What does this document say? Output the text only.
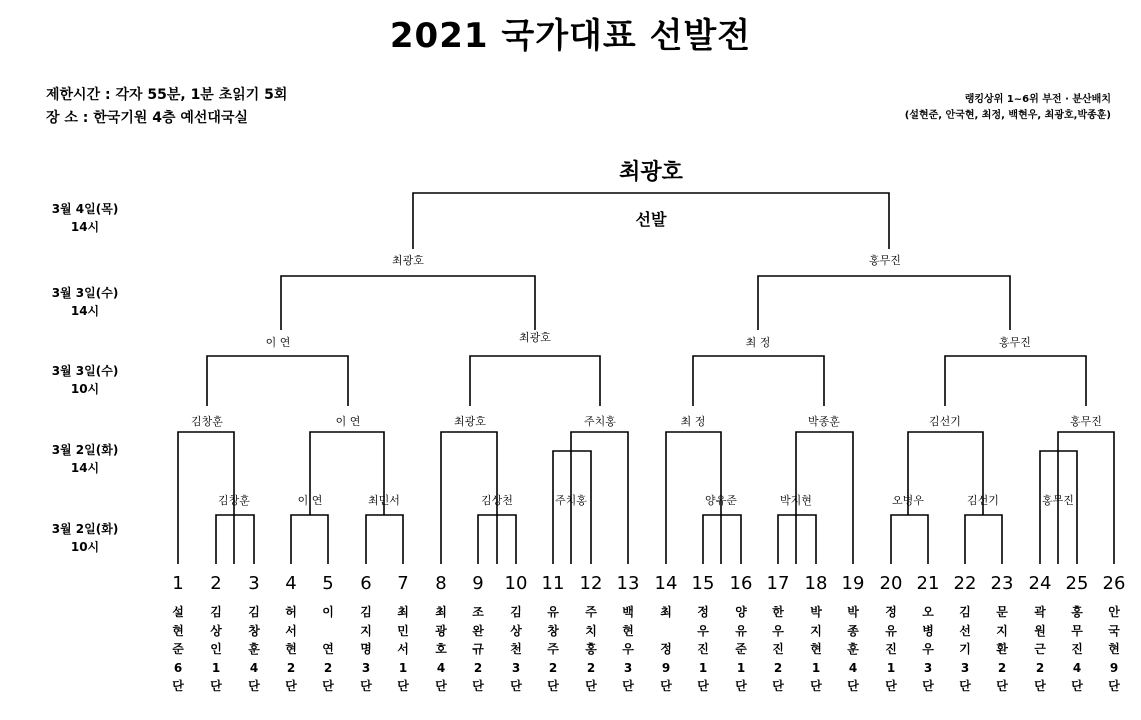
2021 국가대표 선발전
제한시간 : 각자 55분, 1분 초읽기 5회
장 소 : 한국기원 4층 예선대국실
랭킹상위 1~6위 부전 · 분산배치
(설현준, 안국현, 최정, 백현우, 최광호,박종훈)
3월 4일(목)
14시
3월 3일(수)
14시
3월 3일(수)
10시
3월 2일(화)
14시
3월 2일(화)
10시
최광호
선발
최광호	홍무진
이 연	최광호	최 정	홍무진
김창훈	이 연	최광호	주치홍	최 정	박종훈	김선기	홍무진
김창훈	이 연	최민서	김상천	주치홍	양유준	박지현	오병우	김선기	홍무진
1
설
현
준
6
단
2
김
상
인
1
단
3
김
창
훈
4
단
4
허
서
현
2
단
5
이
연
2
단
6
김
지
명
3
단
7
최
민
서
1
단
8
최
광
호
4
단
9
조
완
규
2
단
10
김
상
천
3
단
11
유
창
주
2
단
12
주
치
홍
2
단
13
백
현
우
3
단
14
최
정
9
단
15
정
우
진
1
단
16
양
유
준
1
단
17
한
우
진
2
단
18
박
지
현
1
단
19
박
종
훈
4
단
20
정
유
진
1
단
21
오
병
우
3
단
22
김
선
기
3
단
23
문
지
환
2
단
24
곽
원
근
2
단
25
홍
무
진
4
단
26
안
국
현
9
단
